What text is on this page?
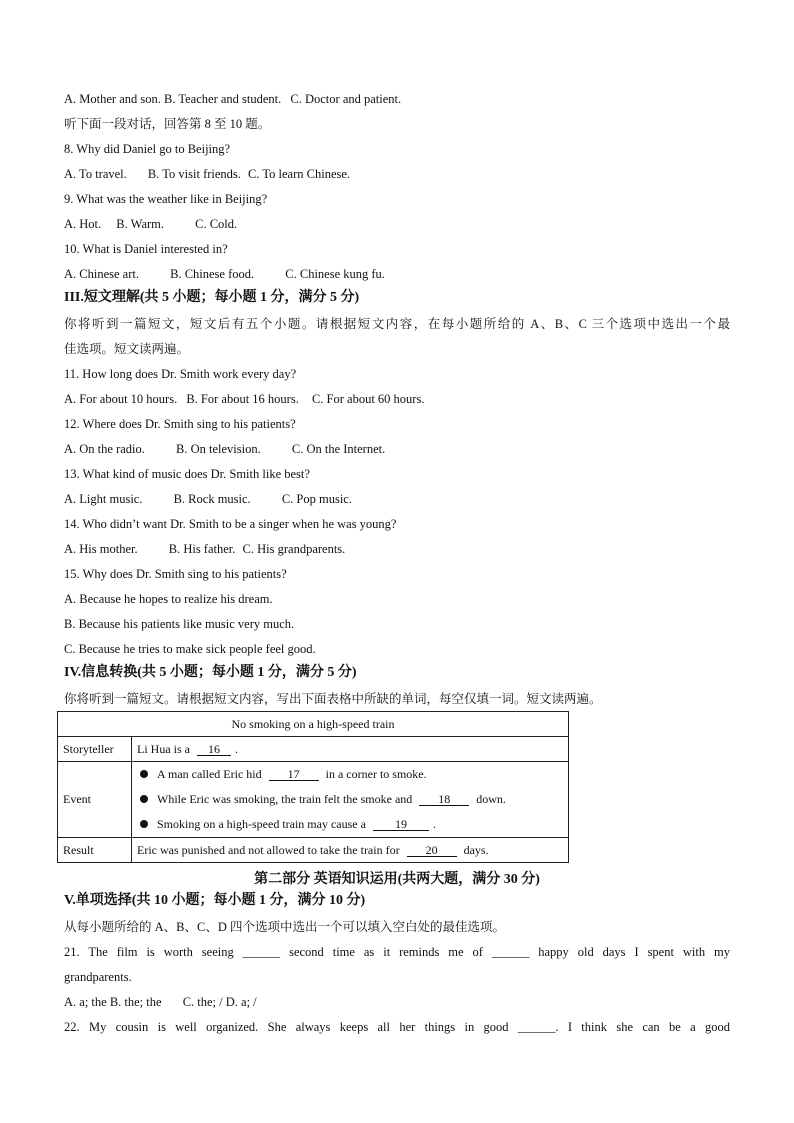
A. Mother and son. B. Teacher and student. C. Doctor and patient.
听下面一段对话，回答第 8 至 10 题。
8. Why did Daniel go to Beijing?
A. To travel. B. To visit friends. C. To learn Chinese.
9. What was the weather like in Beijing?
A. Hot. B. Warm. C. Cold.
10. What is Daniel interested in?
A. Chinese art. B. Chinese food. C. Chinese kung fu.
III.短文理解(共 5 小题；每小题 1 分，满分 5 分)
你将听到一篇短文，短文后有五个小题。请根据短文内容，在每小题所给的 A、B、C 三个选项中选出一个最
佳选项。短文读两遍。
11. How long does Dr. Smith work every day?
A. For about 10 hours. B. For about 16 hours. C. For about 60 hours.
12. Where does Dr. Smith sing to his patients?
A. On the radio. B. On television. C. On the Internet.
13. What kind of music does Dr. Smith like best?
A. Light music. B. Rock music. C. Pop music.
14. Who didn’t want Dr. Smith to be a singer when he was young?
A. His mother. B. His father. C. His grandparents.
15. Why does Dr. Smith sing to his patients?
A. Because he hopes to realize his dream.
B. Because his patients like music very much.
C. Because he tries to make sick people feel good.
IV.信息转换(共 5 小题；每小题 1 分，满分 5 分)
你将听到一篇短文。请根据短文内容，写出下面表格中所缺的单词，每空仅填一词。短文读两遍。
No smoking on a high-speed train	
Storyteller	Li Hua is a 16 .
Event	A man called Eric hid 17 in a corner to smoke.
While Eric was smoking, the train felt the smoke and 18 down.
Smoking on a high-speed train may cause a 19 .

Result	Eric was punished and not allowed to take the train for 20 days.
第二部分 英语知识运用(共两大题，满分 30 分)
V.单项选择(共 10 小题；每小题 1 分，满分 10 分)
从每小题所给的 A、B、C、D 四个选项中选出一个可以填入空白处的最佳选项。
21. The film is worth seeing ______ second time as it reminds me of ______ happy old days I spent with my
grandparents.
A. a; the B. the; the C. the; / D. a; /
22. My cousin is well organized. She always keeps all her things in good ______. I think she can be a good
